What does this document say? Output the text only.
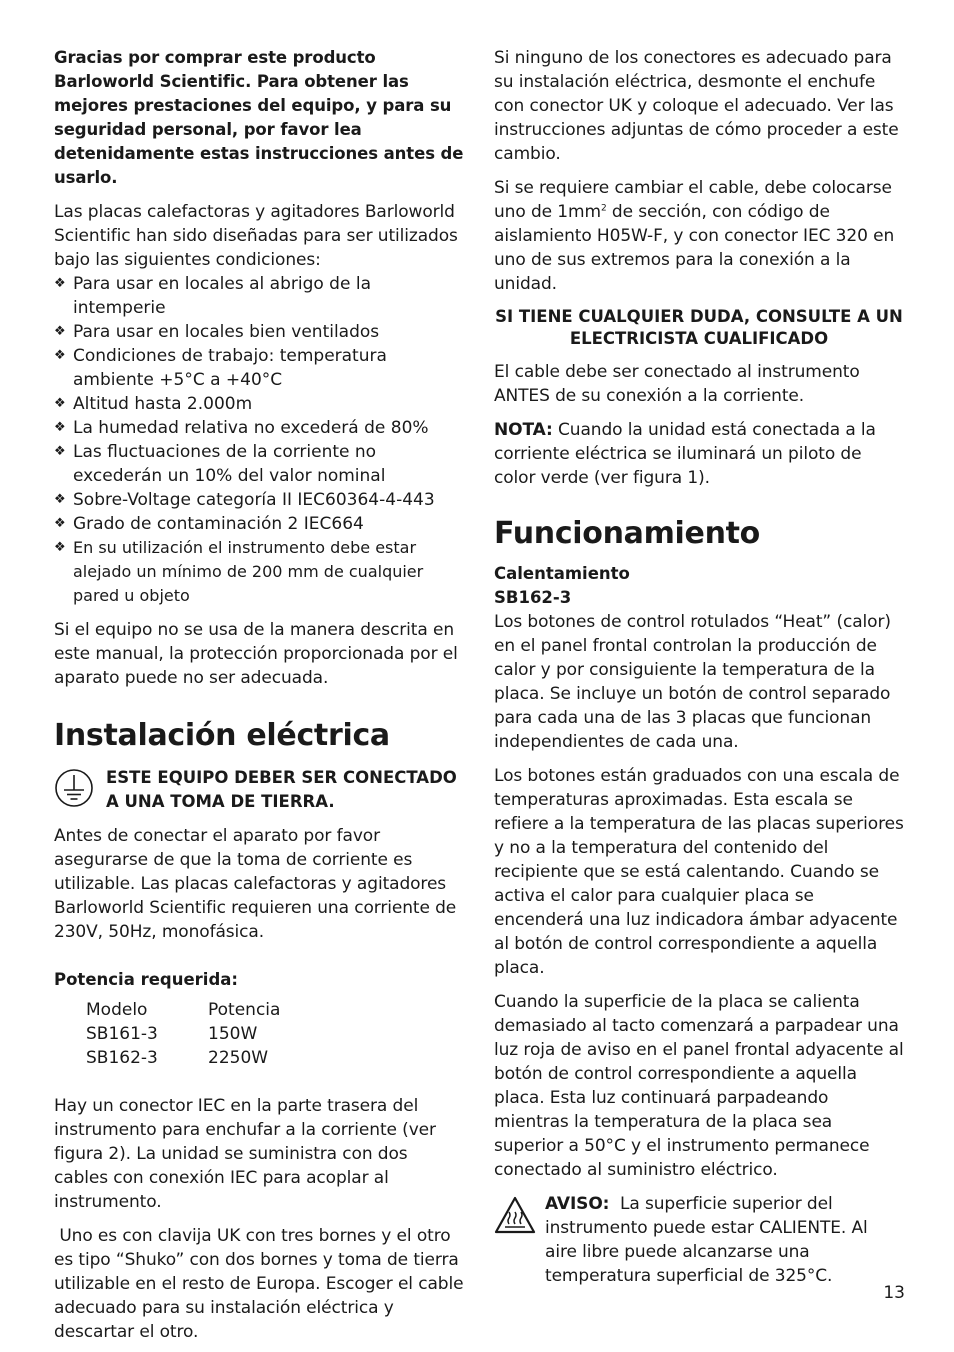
Gracias por comprar este producto Barloworld Scientific. Para obtener las mejores prestaciones del equipo, y para su seguridad personal, por favor lea detenidamente estas instrucciones antes de usarlo.

Las placas calefactoras y agitadores Barloworld Scientific han sido diseñadas para ser utilizados bajo las siguientes condiciones:

❖ Para usar en locales al abrigo de la intemperie
❖ Para usar en locales bien ventilados
❖ Condiciones de trabajo: temperatura ambiente +5°C a +40°C
❖ Altitud hasta 2.000m
❖ La humedad relativa no excederá de 80%
❖ Las fluctuaciones de la corriente no excederán un 10% del valor nominal
❖ Sobre-Voltage categoría II IEC60364-4-443
❖ Grado de contaminación 2 IEC664
❖ En su utilización el instrumento debe estar alejado un mínimo de 200 mm de cualquier pared u objeto

Si el equipo no se usa de la manera descrita en este manual, la protección proporcionada por el aparato puede no ser adecuada.

Instalación eléctrica
ESTE EQUIPO DEBER SER CONECTADO A UNA TOMA DE TIERRA.

Antes de conectar el aparato por favor asegurarse de que la toma de corriente es utilizable. Las placas calefactoras y agitadores Barloworld Scientific requieren una corriente de 230V, 50Hz, monofásica.

Potencia requerida:
Modelo	Potencia
SB161-3	150W
SB162-3	2250W

Hay un conector IEC en la parte trasera del instrumento para enchufar a la corriente (ver figura 2). La unidad se suministra con dos cables con conexión IEC para acoplar al instrumento.

Uno es con clavija UK con tres bornes y el otro es tipo “Shuko” con dos bornes y toma de tierra utilizable en el resto de Europa. Escoger el cable adecuado para su instalación eléctrica y descartar el otro.

Si ninguno de los conectores es adecuado para su instalación eléctrica, desmonte el enchufe con conector UK y coloque el adecuado. Ver las instrucciones adjuntas de cómo proceder a este cambio.

Si se requiere cambiar el cable, debe colocarse uno de $1mm^2$ de sección, con código de aislamiento H05W-F, y con conector IEC 320 en uno de sus extremos para la conexión a la unidad.

SI TIENE CUALQUIER DUDA, CONSULTE A UN ELECTRICISTA CUALIFICADO

El cable debe ser conectado al instrumento ANTES de su conexión a la corriente.

NOTA: Cuando la unidad está conectada a la corriente eléctrica se iluminará un piloto de color verde (ver figura 1).

Funcionamiento
Calentamiento
SB162-3

Los botones de control rotulados “Heat” (calor) en el panel frontal controlan la producción de calor y por consiguiente la temperatura de la placa. Se incluye un botón de control separado para cada una de las 3 placas que funcionan independientes de cada una.

Los botones están graduados con una escala de temperaturas aproximadas. Esta escala se refiere a la temperatura de las placas superiores y no a la temperatura del contenido del recipiente que se está calentando. Cuando se activa el calor para cualquier placa se encenderá una luz indicadora ámbar adyacente al botón de control correspondiente a aquella placa.

Cuando la superficie de la placa se calienta demasiado al tacto comenzará a parpadear una luz roja de aviso en el panel frontal adyacente al botón de control correspondiente a aquella placa. Esta luz continuará parpadeando mientras la temperatura de la placa sea superior a 50°C y el instrumento permanece conectado al suministro eléctrico.

AVISO:  La superficie superior del instrumento puede estar CALIENTE. Al aire libre puede alcanzarse una temperatura superficial de 325°C.

13
